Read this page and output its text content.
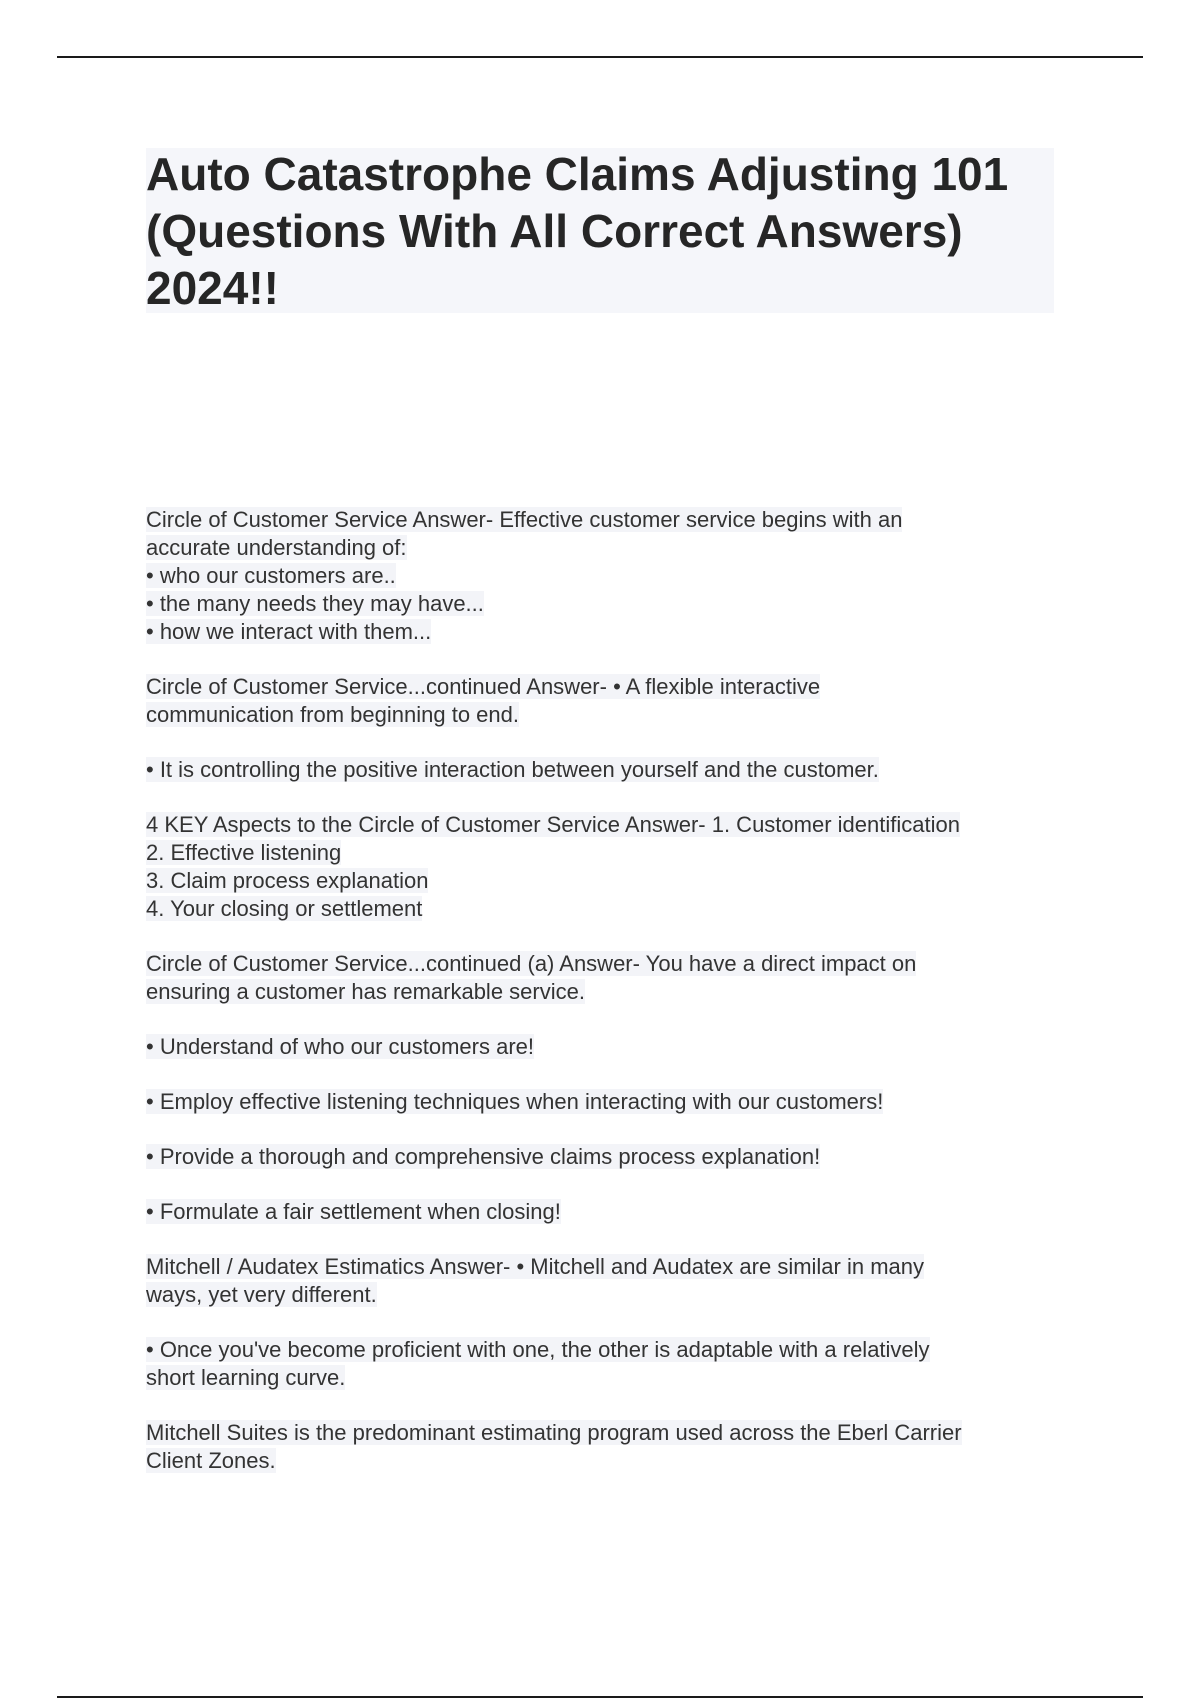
Auto Catastrophe Claims Adjusting 101
(Questions With All Correct Answers)
2024!!
Circle of Customer Service Answer- Effective customer service begins with an
accurate understanding of:
• who our customers are..
• the many needs they may have...
• how we interact with them...
Circle of Customer Service...continued Answer- • A flexible interactive
communication from beginning to end.
• It is controlling the positive interaction between yourself and the customer.
4 KEY Aspects to the Circle of Customer Service Answer- 1. Customer identification
2. Effective listening
3. Claim process explanation
4. Your closing or settlement
Circle of Customer Service...continued (a) Answer- You have a direct impact on
ensuring a customer has remarkable service.
• Understand of who our customers are!
• Employ effective listening techniques when interacting with our customers!
• Provide a thorough and comprehensive claims process explanation!
• Formulate a fair settlement when closing!
Mitchell / Audatex Estimatics Answer- • Mitchell and Audatex are similar in many
ways, yet very different.
• Once you've become proficient with one, the other is adaptable with a relatively
short learning curve.
Mitchell Suites is the predominant estimating program used across the Eberl Carrier
Client Zones.
